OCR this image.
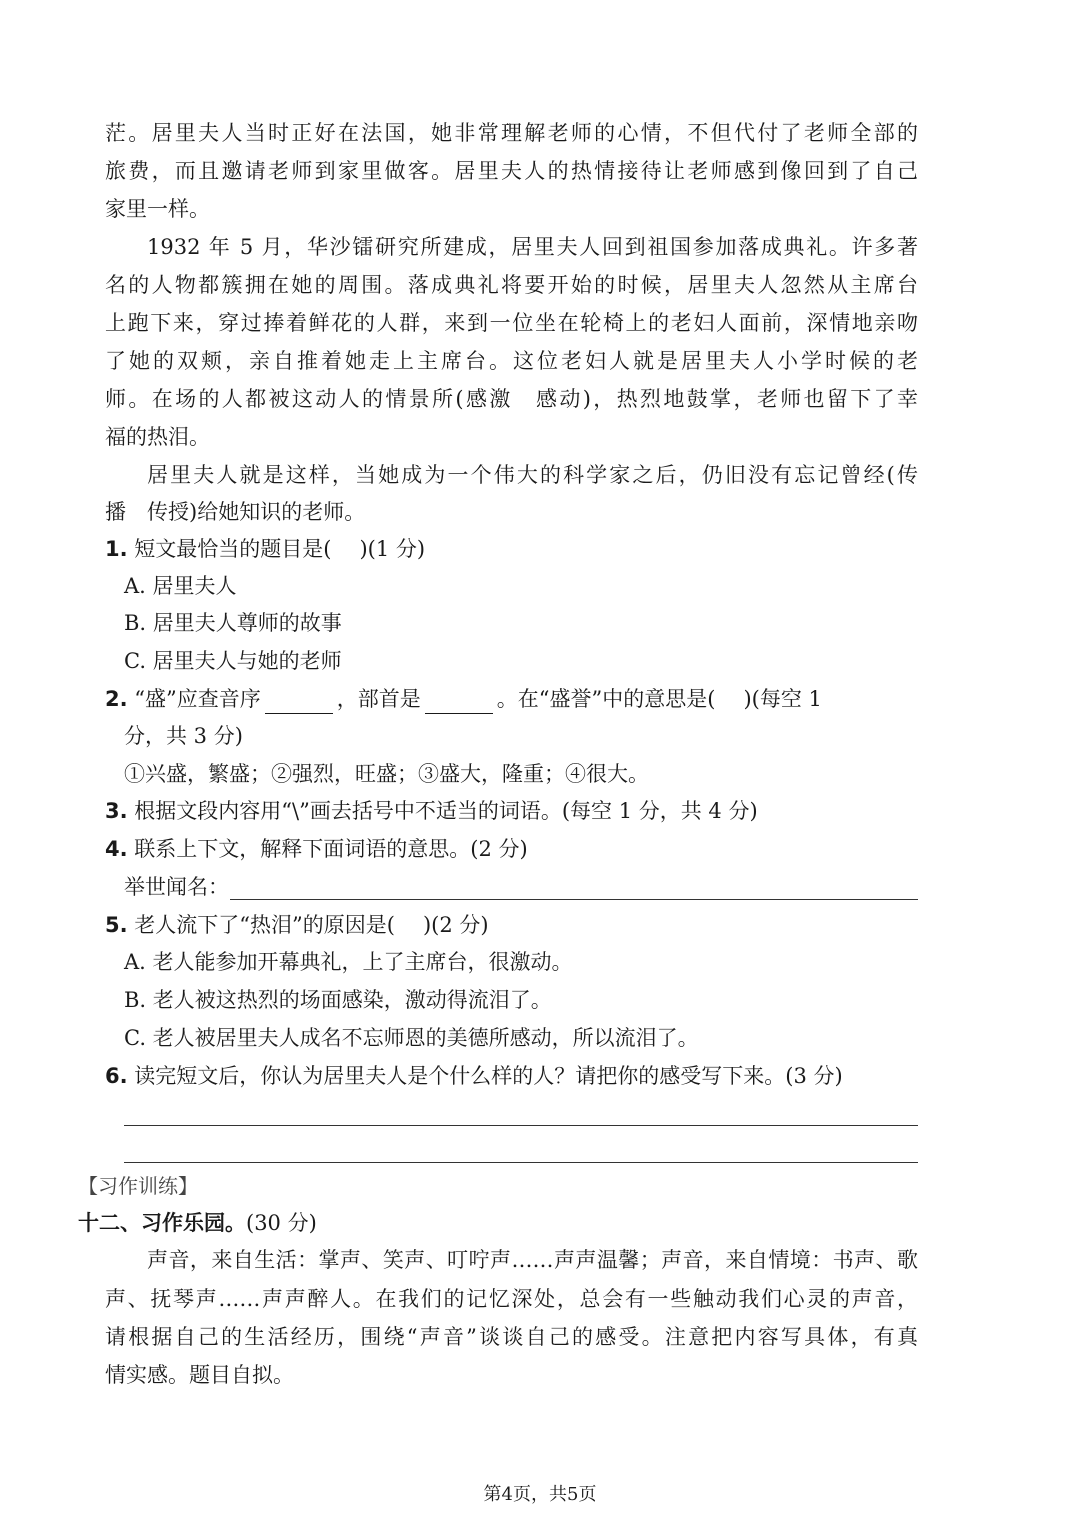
茫。居里夫人当时正好在法国，她非常理解老师的心情，不但代付了老师全部的
旅费，而且邀请老师到家里做客。居里夫人的热情接待让老师感到像回到了自己
家里一样。
1932 年 5 月，华沙镭研究所建成，居里夫人回到祖国参加落成典礼。许多著
名的人物都簇拥在她的周围。落成典礼将要开始的时候，居里夫人忽然从主席台
上跑下来，穿过捧着鲜花的人群，来到一位坐在轮椅上的老妇人面前，深情地亲吻
了她的双颊，亲自推着她走上主席台。这位老妇人就是居里夫人小学时候的老
师。在场的人都被这动人的情景所(感激　感动)，热烈地鼓掌，老师也留下了幸
福的热泪。
居里夫人就是这样，当她成为一个伟大的科学家之后，仍旧没有忘记曾经(传
播　传授)给她知识的老师。
1. 短文最恰当的题目是( )(1 分)
A. 居里夫人
B. 居里夫人尊师的故事
C. 居里夫人与她的老师
2. “盛”应查音序	，部首是	。在“盛誉”中的意思是( )(每空 1
分，共 3 分)
①兴盛，繁盛；②强烈，旺盛；③盛大，隆重；④很大。
3. 根据文段内容用“\”画去括号中不适当的词语。(每空 1 分，共 4 分)
4. 联系上下文，解释下面词语的意思。(2 分)
举世闻名：
5. 老人流下了“热泪”的原因是( )(2 分)
A. 老人能参加开幕典礼，上了主席台，很激动。
B. 老人被这热烈的场面感染，激动得流泪了。
C. 老人被居里夫人成名不忘师恩的美德所感动，所以流泪了。
6. 读完短文后，你认为居里夫人是个什么样的人？请把你的感受写下来。(3 分)
【习作训练】
十二、习作乐园。(30 分)
声音，来自生活：掌声、笑声、叮咛声……声声温馨；声音，来自情境：书声、歌
声、抚琴声……声声醉人。在我们的记忆深处，总会有一些触动我们心灵的声音，
请根据自己的生活经历，围绕“声音”谈谈自己的感受。注意把内容写具体，有真
情实感。题目自拟。
第4页，共5页
